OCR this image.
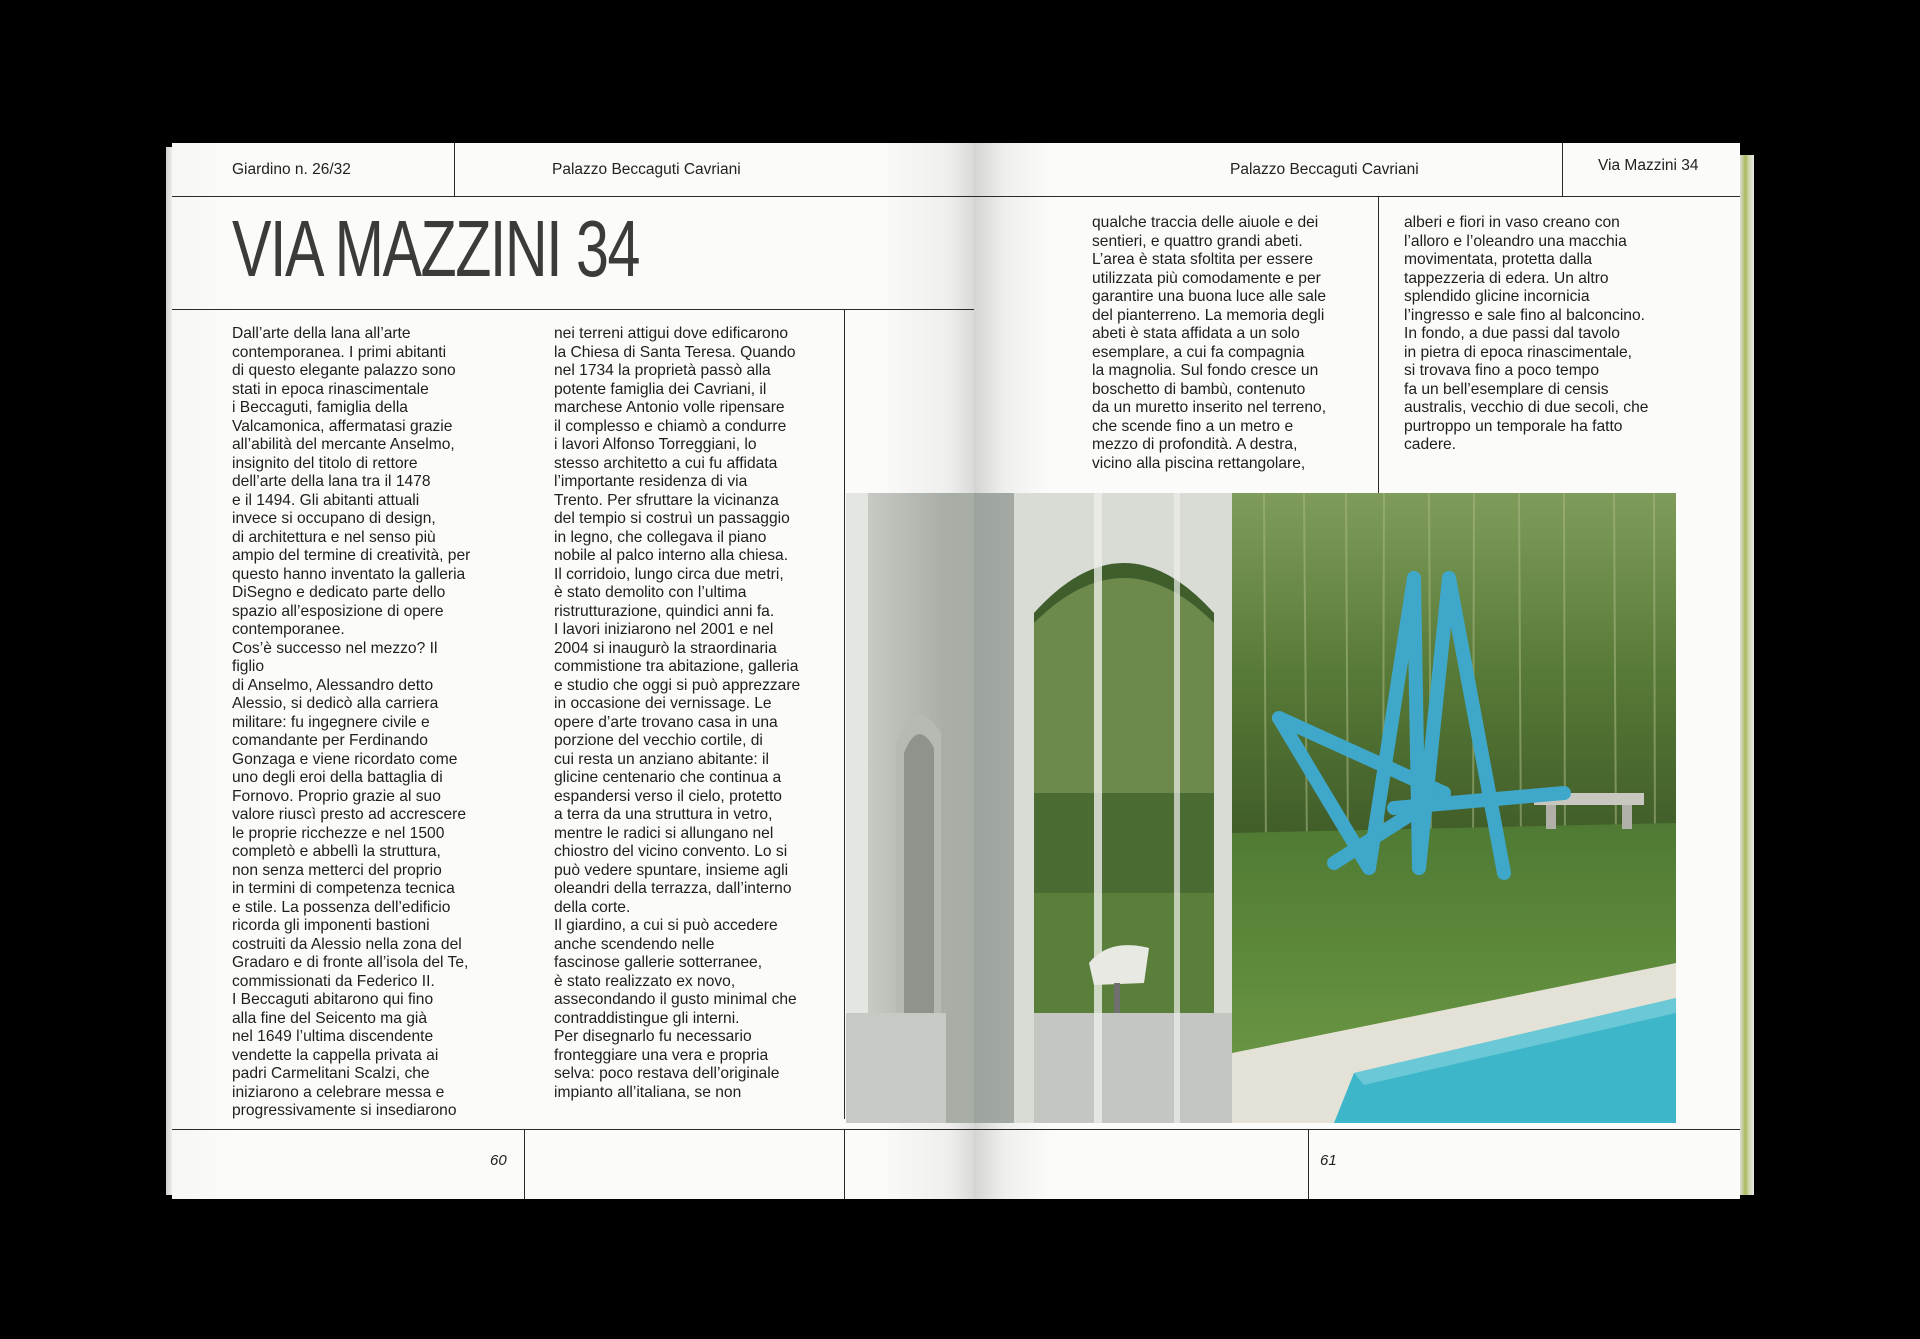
Giardino n. 26/32	Palazzo Beccaguti Cavriani
VIA MAZZINI 34
Dall’arte della lana all’arte
contemporanea. I primi abitanti
di questo elegante palazzo sono
stati in epoca rinascimentale
i Beccaguti, famiglia della
Valcamonica, affermatasi grazie
all’abilità del mercante Anselmo,
insignito del titolo di rettore
dell’arte della lana tra il 1478
e il 1494. Gli abitanti attuali
invece si occupano di design,
di architettura e nel senso più
ampio del termine di creatività, per
questo hanno inventato la galleria
DiSegno e dedicato parte dello
spazio all’esposizione di opere
contemporanee.
Cos’è successo nel mezzo? Il figlio
di Anselmo, Alessandro detto
Alessio, si dedicò alla carriera
militare: fu ingegnere civile e
comandante per Ferdinando
Gonzaga e viene ricordato come
uno degli eroi della battaglia di
Fornovo. Proprio grazie al suo
valore riuscì presto ad accrescere
le proprie ricchezze e nel 1500
completò e abbellì la struttura,
non senza metterci del proprio
in termini di competenza tecnica
e stile. La possenza dell’edificio
ricorda gli imponenti bastioni
costruiti da Alessio nella zona del
Gradaro e di fronte all’isola del Te,
commissionati da Federico II.
I Beccaguti abitarono qui fino
alla fine del Seicento ma già
nel 1649 l’ultima discendente
vendette la cappella privata ai
padri Carmelitani Scalzi, che
iniziarono a celebrare messa e
progressivamente si insediarono
nei terreni attigui dove edificarono
la Chiesa di Santa Teresa. Quando
nel 1734 la proprietà passò alla
potente famiglia dei Cavriani, il
marchese Antonio volle ripensare
il complesso e chiamò a condurre
i lavori Alfonso Torreggiani, lo
stesso architetto a cui fu affidata
l’importante residenza di via
Trento. Per sfruttare la vicinanza
del tempio si costruì un passaggio
in legno, che collegava il piano
nobile al palco interno alla chiesa.
Il corridoio, lungo circa due metri,
è stato demolito con l’ultima
ristrutturazione, quindici anni fa.
I lavori iniziarono nel 2001 e nel
2004 si inaugurò la straordinaria
commistione tra abitazione, galleria
e studio che oggi si può apprezzare
in occasione dei vernissage. Le
opere d’arte trovano casa in una
porzione del vecchio cortile, di
cui resta un anziano abitante: il
glicine centenario che continua a
espandersi verso il cielo, protetto
a terra da una struttura in vetro,
mentre le radici si allungano nel
chiostro del vicino convento. Lo si
può vedere spuntare, insieme agli
oleandri della terrazza, dall’interno
della corte.
Il giardino, a cui si può accedere
anche scendendo nelle
fascinose gallerie sotterranee,
è stato realizzato ex novo,
assecondando il gusto minimal che
contraddistingue gli interni.
Per disegnarlo fu necessario
fronteggiare una vera e propria
selva: poco restava dell’originale
impianto all’italiana, se non
60
Palazzo Beccaguti Cavriani	Via Mazzini 34
qualche traccia delle aiuole e dei
sentieri, e quattro grandi abeti.
L’area è stata sfoltita per essere
utilizzata più comodamente e per
garantire una buona luce alle sale
del pianterreno. La memoria degli
abeti è stata affidata a un solo
esemplare, a cui fa compagnia
la magnolia. Sul fondo cresce un
boschetto di bambù, contenuto
da un muretto inserito nel terreno,
che scende fino a un metro e
mezzo di profondità. A destra,
vicino alla piscina rettangolare,
alberi e fiori in vaso creano con
l’alloro e l’oleandro una macchia
movimentata, protetta dalla
tappezzeria di edera. Un altro
splendido glicine incornicia
l’ingresso e sale fino al balconcino.
In fondo, a due passi dal tavolo
in pietra di epoca rinascimentale,
si trovava fino a poco tempo
fa un bell’esemplare di censis
australis, vecchio di due secoli, che
purtroppo un temporale ha fatto
cadere.
61
